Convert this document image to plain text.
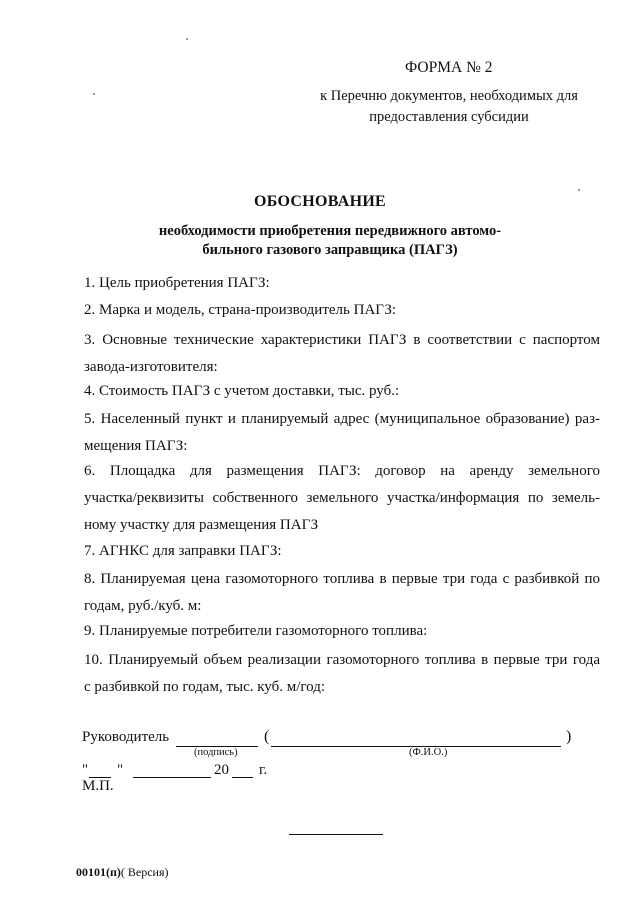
ФОРМА № 2
к Перечню документов, необходимых для
предоставления субсидии
ОБОСНОВАНИЕ
необходимости приобретения передвижного автомо-
бильного газового заправщика (ПАГЗ)
1. Цель приобретения ПАГЗ:
2. Марка и модель, страна-производитель ПАГЗ:
3. Основные технические характеристики ПАГЗ в соответствии с паспортом
завода-изготовителя:
4. Стоимость ПАГЗ с учетом доставки, тыс. руб.:
5. Населенный пункт и планируемый адрес (муниципальное образование) раз-
мещения ПАГЗ:
6. Площадка для размещения ПАГЗ: договор на аренду земельного
участка/реквизиты собственного земельного участка/информация по земель-
ному участку для размещения ПАГЗ
7. АГНКС для заправки ПАГЗ:
8. Планируемая цена газомоторного топлива в первые три года с разбивкой по
годам, руб./куб. м:
9. Планируемые потребители газомоторного топлива:
10. Планируемый объем реализации газомоторного топлива в первые три года
с разбивкой по годам, тыс. куб. м/год:
Руководитель	(	)
(подпись)	(Ф.И.О.)
" "	20 г.
М.П.
00101(п)( Версия)
